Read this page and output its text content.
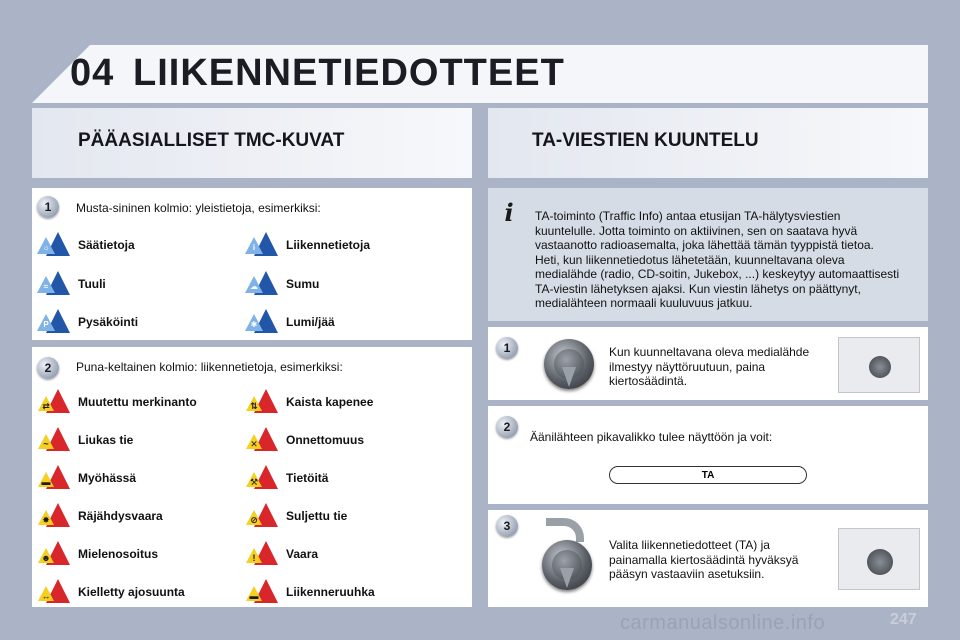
04 LIIKENNETIEDOTTEET
PÄÄASIALLISET TMC-KUVAT	TA-VIESTIEN KUUNTELU
1	Musta-sininen kolmio: yleistietoja, esimerkiksi:
☼	Säätietoja	i	Liikennetietoja
≈	Tuuli	☁	Sumu
P	Pysäköinti	✱	Lumi/jää
2	Puna-keltainen kolmio: liikennetietoja, esimerkiksi:
⇄	Muutettu merkinanto	⇅	Kaista kapenee
~	Liukas tie	✕	Onnettomuus
▬	Myöhässä	⚒	Tietöitä
✸	Räjähdysvaara	⊘	Suljettu tie
☻	Mielenosoitus	!	Vaara
↔	Kielletty ajosuunta	▬	Liikenneruuhka
i	TA-toiminto (Traffic Info) antaa etusijan TA-hälytysviestien
kuuntelulle. Jotta toiminto on aktiivinen, sen on saatava hyvä
vastaanotto radioasemalta, joka lähettää tämän tyyppistä tietoa.
Heti, kun liikennetiedotus lähetetään, kuunneltavana oleva
medialähde (radio, CD-soitin, Jukebox, ...) keskeytyy automaattisesti
TA-viestin lähetyksen ajaksi. Kun viestin lähetys on päättynyt,
medialähteen normaali kuuluvuus jatkuu.
1	Kun kuunneltavana oleva medialähde
ilmestyy näyttöruutuun, paina
kiertosäädintä.
2
Äänilähteen pikavalikko tulee näyttöön ja voit:
TA
3
Valita liikennetiedotteet (TA) ja
painamalla kiertosäädintä hyväksyä
pääsyn vastaaviin asetuksiin.
carmanualsonline.info	247
